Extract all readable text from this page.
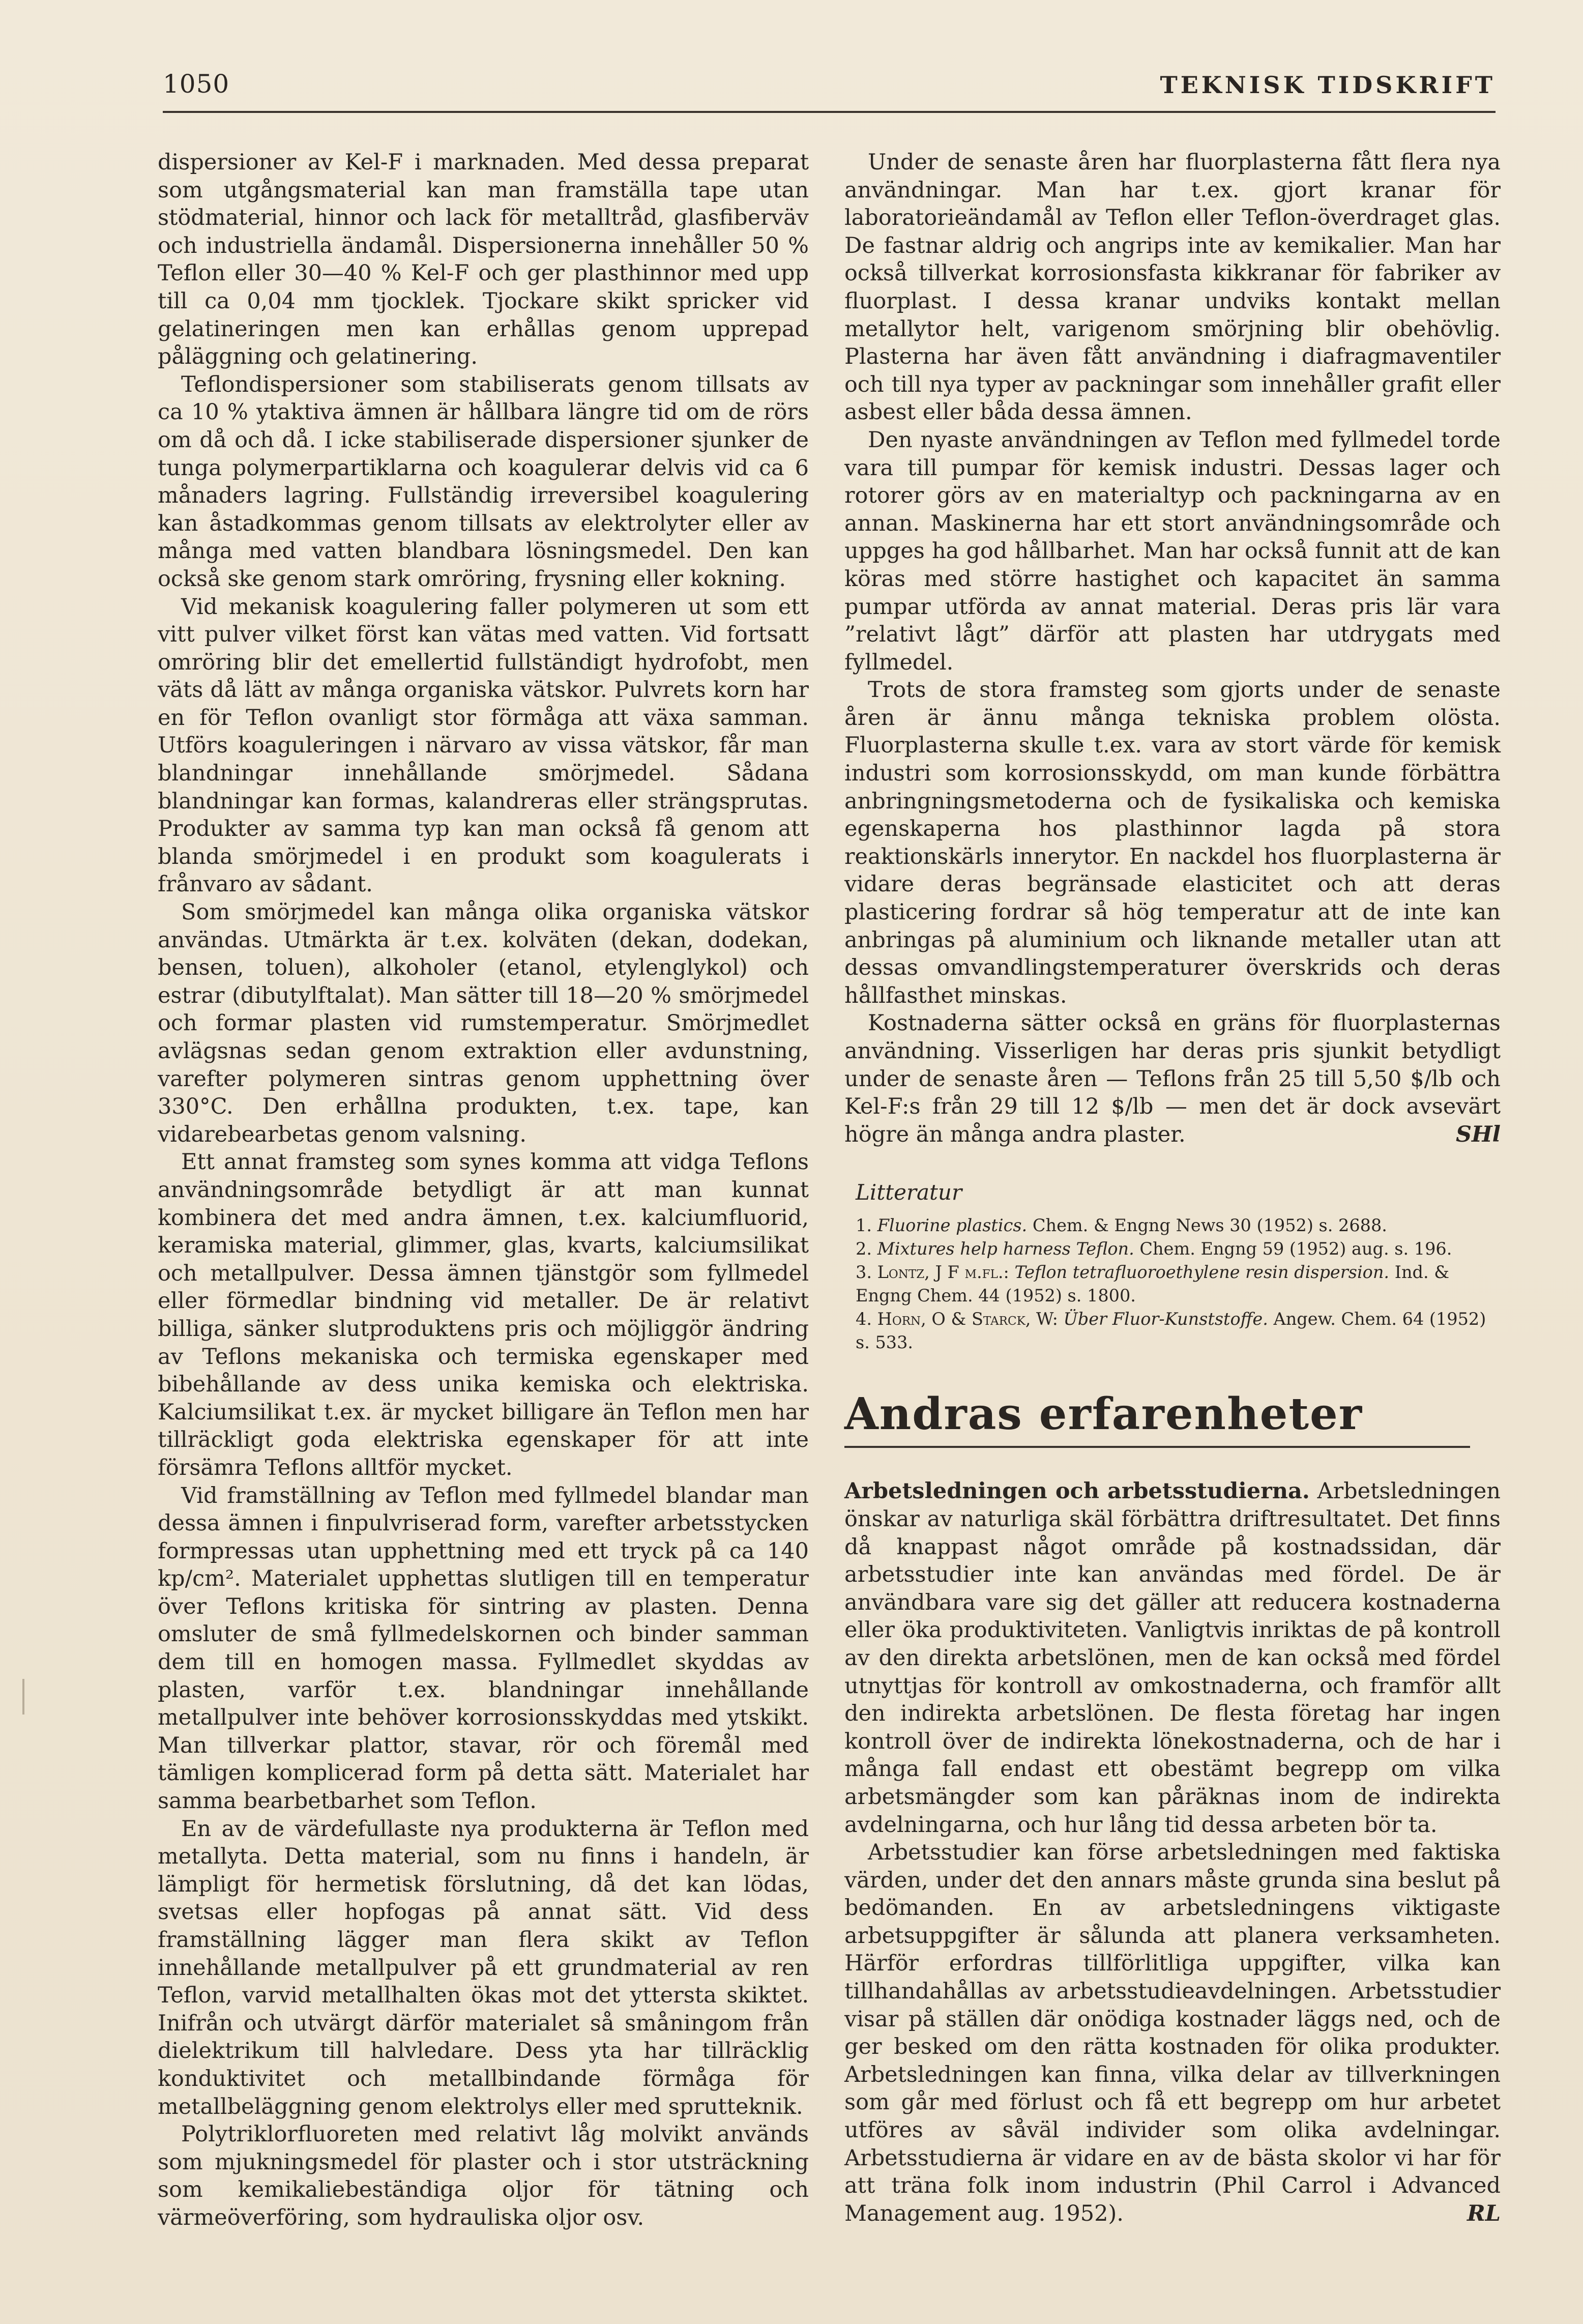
1050	TEKNISK TIDSKRIFT

dispersioner av Kel-F i marknaden. Med dessa preparat som utgångsmaterial kan man framställa tape utan stödmaterial, hinnor och lack för metalltråd, glasfiberväv och industriella ändamål. Dispersionerna innehåller 50 % Teflon eller 30—40 % Kel-F och ger plasthinnor med upp till ca 0,04 mm tjocklek. Tjockare skikt spricker vid gelatineringen men kan erhållas genom upprepad påläggning och gelatinering.

Teflondispersioner som stabiliserats genom tillsats av ca 10 % ytaktiva ämnen är hållbara längre tid om de rörs om då och då. I icke stabiliserade dispersioner sjunker de tunga polymerpartiklarna och koagulerar delvis vid ca 6 månaders lagring. Fullständig irreversibel koagulering kan åstadkommas genom tillsats av elektrolyter eller av många med vatten blandbara lösningsmedel. Den kan också ske genom stark omröring, frysning eller kokning.

Vid mekanisk koagulering faller polymeren ut som ett vitt pulver vilket först kan vätas med vatten. Vid fortsatt omröring blir det emellertid fullständigt hydrofobt, men väts då lätt av många organiska vätskor. Pulvrets korn har en för Teflon ovanligt stor förmåga att växa samman. Utförs koaguleringen i närvaro av vissa vätskor, får man blandningar innehållande smörjmedel. Sådana blandningar kan formas, kalandreras eller strängsprutas. Produkter av samma typ kan man också få genom att blanda smörjmedel i en produkt som koagulerats i frånvaro av sådant.

Som smörjmedel kan många olika organiska vätskor användas. Utmärkta är t.ex. kolväten (dekan, dodekan, bensen, toluen), alkoholer (etanol, etylenglykol) och estrar (dibutylftalat). Man sätter till 18—20 % smörjmedel och formar plasten vid rumstemperatur. Smörjmedlet avlägsnas sedan genom extraktion eller avdunstning, varefter polymeren sintras genom upphettning över 330°C. Den erhållna produkten, t.ex. tape, kan vidarebearbetas genom valsning.

Ett annat framsteg som synes komma att vidga Teflons användningsområde betydligt är att man kunnat kombinera det med andra ämnen, t.ex. kalciumfluorid, keramiska material, glimmer, glas, kvarts, kalciumsilikat och metallpulver. Dessa ämnen tjänstgör som fyllmedel eller förmedlar bindning vid metaller. De är relativt billiga, sänker slutproduktens pris och möjliggör ändring av Teflons mekaniska och termiska egenskaper med bibehållande av dess unika kemiska och elektriska. Kalciumsilikat t.ex. är mycket billigare än Teflon men har tillräckligt goda elektriska egenskaper för att inte försämra Teflons alltför mycket.

Vid framställning av Teflon med fyllmedel blandar man dessa ämnen i finpulvriserad form, varefter arbetsstycken formpressas utan upphettning med ett tryck på ca 140 kp/cm². Materialet upphettas slutligen till en temperatur över Teflons kritiska för sintring av plasten. Denna omsluter de små fyllmedelskornen och binder samman dem till en homogen massa. Fyllmedlet skyddas av plasten, varför t.ex. blandningar innehållande metallpulver inte behöver korrosionsskyddas med ytskikt. Man tillverkar plattor, stavar, rör och föremål med tämligen komplicerad form på detta sätt. Materialet har samma bearbetbarhet som Teflon.

En av de värdefullaste nya produkterna är Teflon med metallyta. Detta material, som nu finns i handeln, är lämpligt för hermetisk förslutning, då det kan lödas, svetsas eller hopfogas på annat sätt. Vid dess framställning lägger man flera skikt av Teflon innehållande metallpulver på ett grundmaterial av ren Teflon, varvid metallhalten ökas mot det yttersta skiktet. Inifrån och utvärgt därför materialet så småningom från dielektrikum till halvledare. Dess yta har tillräcklig konduktivitet och metallbindande förmåga för metallbeläggning genom elektrolys eller med sprutteknik.

Polytriklorfluoreten med relativt låg molvikt används som mjukningsmedel för plaster och i stor utsträckning som kemikaliebeständiga oljor för tätning och värmeöverföring, som hydrauliska oljor osv.

Under de senaste åren har fluorplasterna fått flera nya användningar. Man har t.ex. gjort kranar för laboratorieändamål av Teflon eller Teflon-överdraget glas. De fastnar aldrig och angrips inte av kemikalier. Man har också tillverkat korrosionsfasta kikkranar för fabriker av fluorplast. I dessa kranar undviks kontakt mellan metallytor helt, varigenom smörjning blir obehövlig. Plasterna har även fått användning i diafragmaventiler och till nya typer av packningar som innehåller grafit eller asbest eller båda dessa ämnen.

Den nyaste användningen av Teflon med fyllmedel torde vara till pumpar för kemisk industri. Dessas lager och rotorer görs av en materialtyp och packningarna av en annan. Maskinerna har ett stort användningsområde och uppges ha god hållbarhet. Man har också funnit att de kan köras med större hastighet och kapacitet än samma pumpar utförda av annat material. Deras pris lär vara ”relativt lågt” därför att plasten har utdrygats med fyllmedel.

Trots de stora framsteg som gjorts under de senaste åren är ännu många tekniska problem olösta. Fluorplasterna skulle t.ex. vara av stort värde för kemisk industri som korrosionsskydd, om man kunde förbättra anbringningsmetoderna och de fysikaliska och kemiska egenskaperna hos plasthinnor lagda på stora reaktionskärls innerytor. En nackdel hos fluorplasterna är vidare deras begränsade elasticitet och att deras plasticering fordrar så hög temperatur att de inte kan anbringas på aluminium och liknande metaller utan att dessas omvandlingstemperaturer överskrids och deras hållfasthet minskas.

Kostnaderna sätter också en gräns för fluorplasternas användning. Visserligen har deras pris sjunkit betydligt under de senaste åren — Teflons från 25 till 5,50 $/lb och Kel-F:s från 29 till 12 $/lb — men det är dock avsevärt högre än många andra plaster.	SHl

Litteratur
1. Fluorine plastics. Chem. & Engng News 30 (1952) s. 2688.
2. Mixtures help harness Teflon. Chem. Engng 59 (1952) aug. s. 196.
3. Lontz, J F m.fl.: Teflon tetrafluoroethylene resin dispersion. Ind. & Engng Chem. 44 (1952) s. 1800.
4. Horn, O & Starck, W: Über Fluor-Kunststoffe. Angew. Chem. 64 (1952) s. 533.
Andras erfarenheter

Arbetsledningen och arbetsstudierna. Arbetsledningen önskar av naturliga skäl förbättra driftresultatet. Det finns då knappast något område på kostnadssidan, där arbetsstudier inte kan användas med fördel. De är användbara vare sig det gäller att reducera kostnaderna eller öka produktiviteten. Vanligtvis inriktas de på kontroll av den direkta arbetslönen, men de kan också med fördel utnyttjas för kontroll av omkostnaderna, och framför allt den indirekta arbetslönen. De flesta företag har ingen kontroll över de indirekta lönekostnaderna, och de har i många fall endast ett obestämt begrepp om vilka arbetsmängder som kan påräknas inom de indirekta avdelningarna, och hur lång tid dessa arbeten bör ta.

Arbetsstudier kan förse arbetsledningen med faktiska värden, under det den annars måste grunda sina beslut på bedömanden. En av arbetsledningens viktigaste arbetsuppgifter är sålunda att planera verksamheten. Härför erfordras tillförlitliga uppgifter, vilka kan tillhandahållas av arbetsstudieavdelningen. Arbetsstudier visar på ställen där onödiga kostnader läggs ned, och de ger besked om den rätta kostnaden för olika produkter. Arbetsledningen kan finna, vilka delar av tillverkningen som går med förlust och få ett begrepp om hur arbetet utföres av såväl individer som olika avdelningar. Arbetsstudierna är vidare en av de bästa skolor vi har för att träna folk inom industrin (Phil Carrol i Advanced Management aug. 1952).	RL
